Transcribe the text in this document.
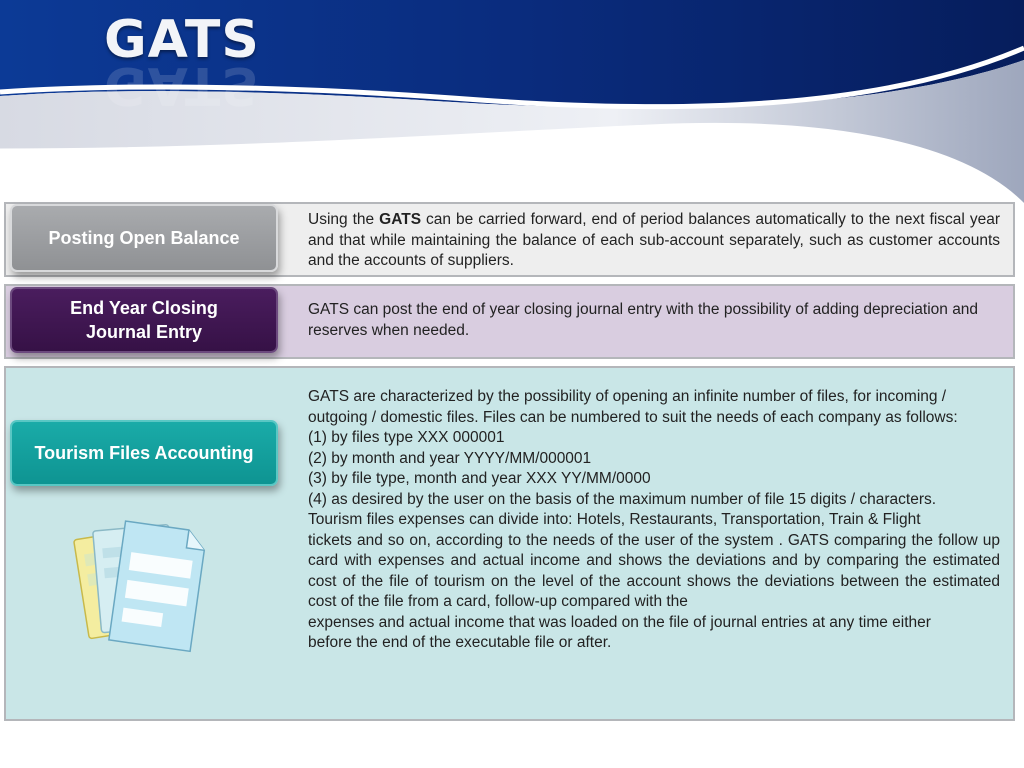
GATS
GATS
Posting Open Balance
End Year Closing Journal Entry
Tourism Files Accounting
Using the GATS can be carried forward, end of period balances automatically to the next fiscal year and that while maintaining the balance of each sub-account separately, such as customer accounts and the accounts of suppliers.
GATS can post the end of year closing journal entry with the possibility of adding depreciation and reserves when needed.

GATS are characterized by the possibility of opening an infinite number of files, for incoming / outgoing / domestic files. Files can be numbered to suit the needs of each company as follows:

(1) by files type XXX 000001

(2) by month and year YYYY/MM/000001

(3) by file type, month and year XXX YY/MM/0000

(4) as desired by the user on the basis of the maximum number of file 15 digits / characters.

Tourism files expenses can divide into: Hotels, Restaurants, Transportation, Train & Flight

tickets and so on, according to the needs of the user of the system . GATS comparing the follow up card with expenses and actual income and shows the deviations and by comparing the estimated cost of the file of tourism on the level of the account shows the deviations between the estimated cost of the file from a card, follow-up compared with the

expenses and actual income that was loaded on the file of journal entries at any time either

before the end of the executable file or after.
